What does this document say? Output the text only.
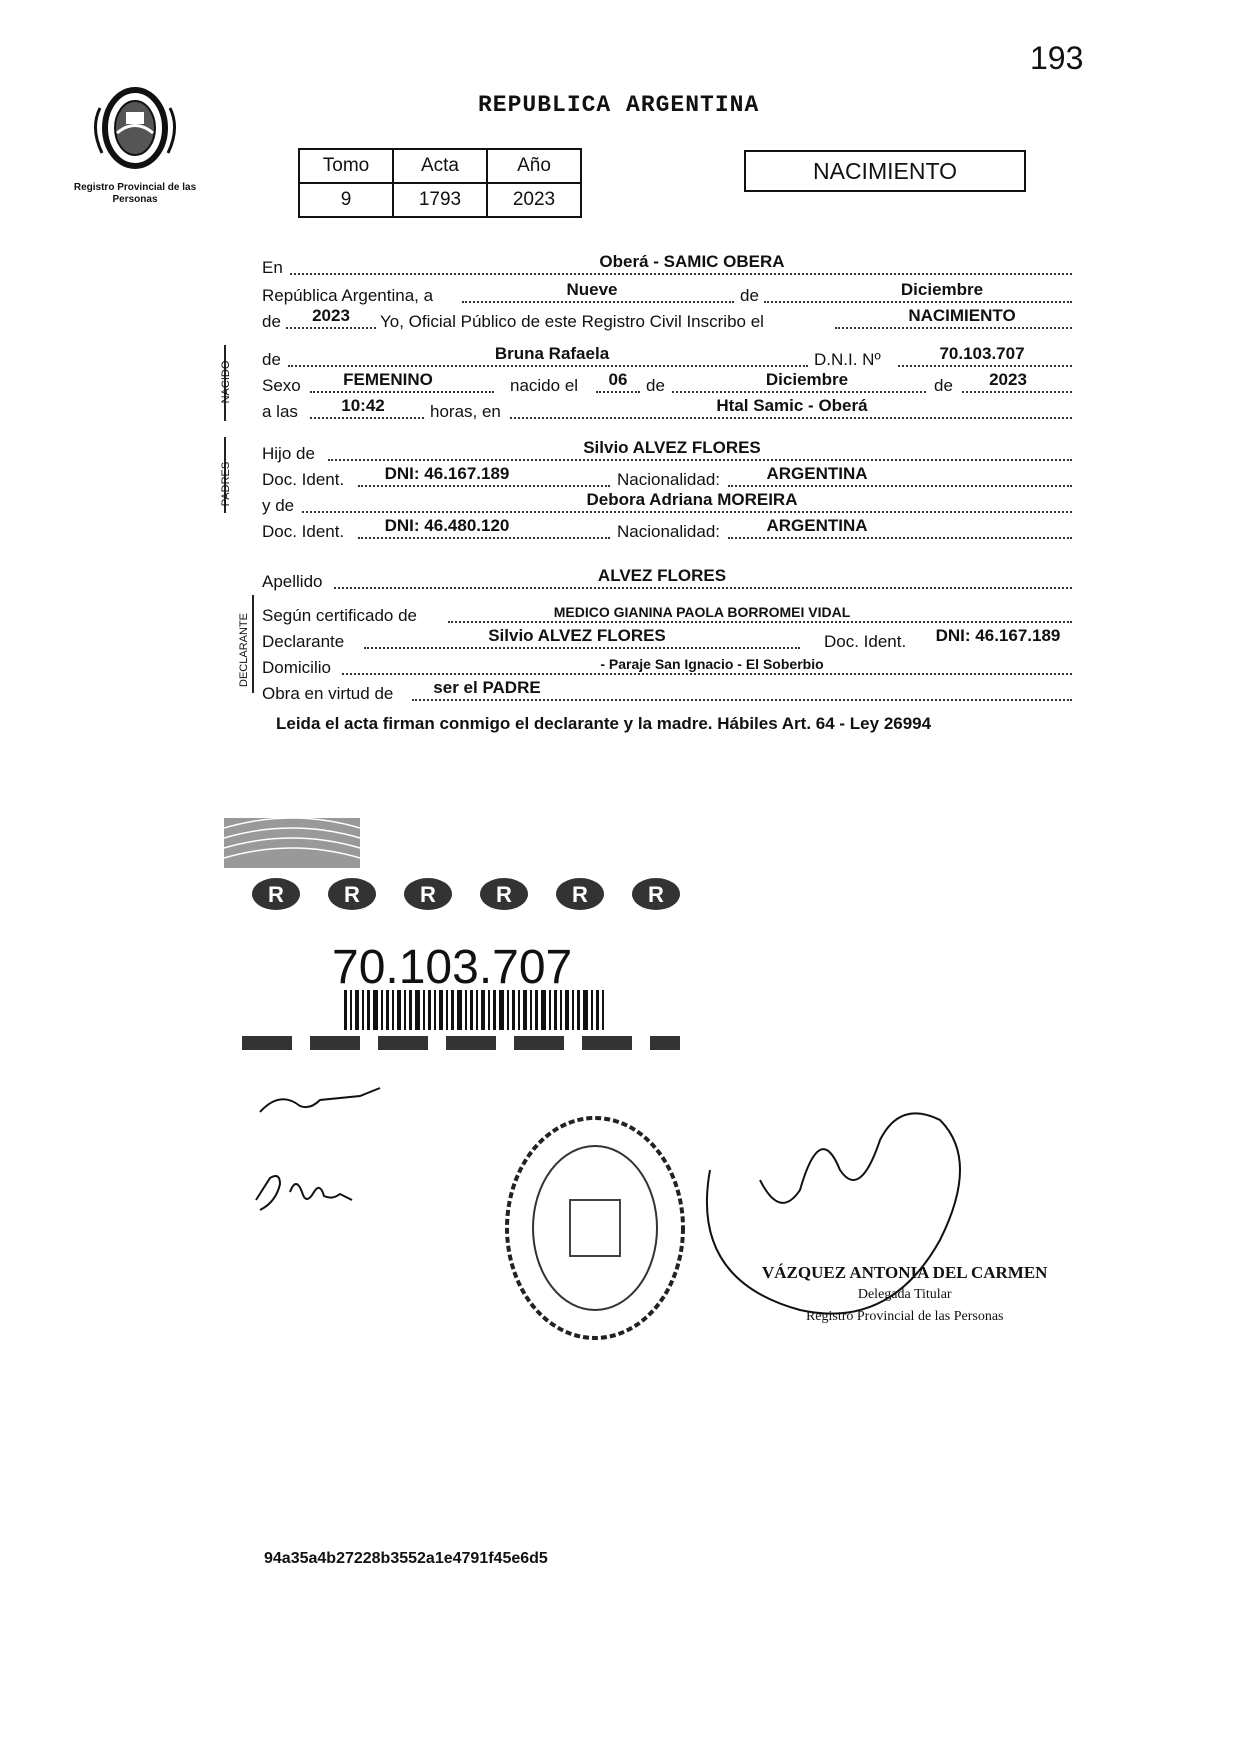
193
Registro Provincial de las Personas
REPUBLICA ARGENTINA
Tomo	Acta	Año
9	1793	2023
NACIMIENTO
NACIDO
PADRES
DECLARANTE
En	Oberá - SAMIC OBERA
República Argentina, a	Nueve	de	Diciembre
de	2023	Yo, Oficial Público de este Registro Civil Inscribo el	NACIMIENTO
de	Bruna Rafaela	D.N.I. Nº	70.103.707
Sexo	FEMENINO	nacido el	06	de	Diciembre	de	2023
a las	10:42	horas, en	Htal Samic - Oberá
Hijo de	Silvio ALVEZ FLORES
Doc. Ident.	DNI: 46.167.189	Nacionalidad:	ARGENTINA
y de	Debora Adriana MOREIRA
Doc. Ident.	DNI: 46.480.120	Nacionalidad:	ARGENTINA
Apellido	ALVEZ FLORES
Según certificado de	MEDICO GIANINA PAOLA BORROMEI VIDAL
Declarante	Silvio ALVEZ FLORES	Doc. Ident.	DNI: 46.167.189
Domicilio	- Paraje San Ignacio - El Soberbio
Obra en virtud de	ser el PADRE
Leida el acta firman conmigo el declarante y la madre. Hábiles Art. 64 - Ley 26994
R	R	R	R	R	R
70.103.707
VÁZQUEZ ANTONIA DEL CARMEN
Delegada Titular
Registro Provincial de las Personas
94a35a4b27228b3552a1e4791f45e6d5
